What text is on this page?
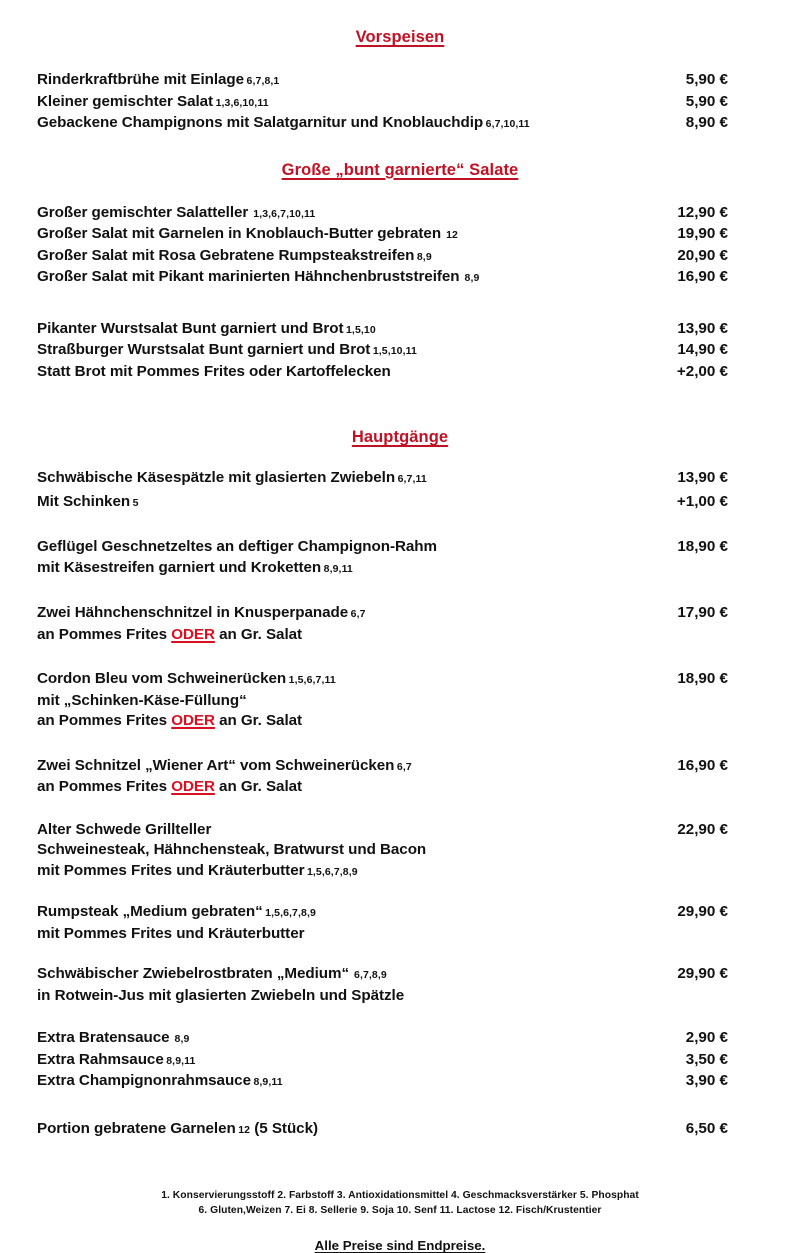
Vorspeisen
Rinderkraftbrühe mit Einlage 6,7,8,1	5,90 €
Kleiner gemischter Salat 1,3,6,10,11	5,90 €
Gebackene Champignons mit Salatgarnitur und Knoblauchdip 6,7,10,11	8,90 €
Große „bunt garnierte“ Salate
Großer gemischter Salatteller 1,3,6,7,10,11	12,90 €
Großer Salat mit Garnelen in Knoblauch-Butter gebraten 12	19,90 €
Großer Salat mit Rosa Gebratene Rumpsteakstreifen 8,9	20,90 €
Großer Salat mit Pikant marinierten Hähnchenbruststreifen 8,9	16,90 €
Pikanter Wurstsalat Bunt garniert und Brot 1,5,10	13,90 €
Straßburger Wurstsalat Bunt garniert und Brot 1,5,10,11	14,90 €
Statt Brot mit Pommes Frites oder Kartoffelecken	+2,00 €
Hauptgänge
Schwäbische Käsespätzle mit glasierten Zwiebeln 6,7,11	13,90 €
Mit Schinken 5	+1,00 €
Geflügel Geschnetzeltes an deftiger Champignon-Rahm	18,90 €
mit Käsestreifen garniert und Kroketten 8,9,11
Zwei Hähnchenschnitzel in Knusperpanade 6,7	17,90 €
an Pommes Frites ODER an Gr. Salat
Cordon Bleu vom Schweinerücken 1,5,6,7,11	18,90 €
mit „Schinken-Käse-Füllung“
an Pommes Frites ODER an Gr. Salat
Zwei Schnitzel „Wiener Art“ vom Schweinerücken 6,7	16,90 €
an Pommes Frites ODER an Gr. Salat
Alter Schwede Grillteller	22,90 €
Schweinesteak, Hähnchensteak, Bratwurst und Bacon
mit Pommes Frites und Kräuterbutter 1,5,6,7,8,9
Rumpsteak „Medium gebraten“ 1,5,6,7,8,9	29,90 €
mit Pommes Frites und Kräuterbutter
Schwäbischer Zwiebelrostbraten „Medium“ 6,7,8,9	29,90 €
in Rotwein-Jus mit glasierten Zwiebeln und Spätzle
Extra Bratensauce 8,9	2,90 €
Extra Rahmsauce 8,9,11	3,50 €
Extra Champignonrahmsauce 8,9,11	3,90 €
Portion gebratene Garnelen 12 (5 Stück)	6,50 €
1. Konservierungsstoff 2. Farbstoff 3. Antioxidationsmittel 4. Geschmacksverstärker 5. Phosphat
6. Gluten,Weizen 7. Ei 8. Sellerie 9. Soja 10. Senf 11. Lactose 12. Fisch/Krustentier
Alle Preise sind Endpreise.
